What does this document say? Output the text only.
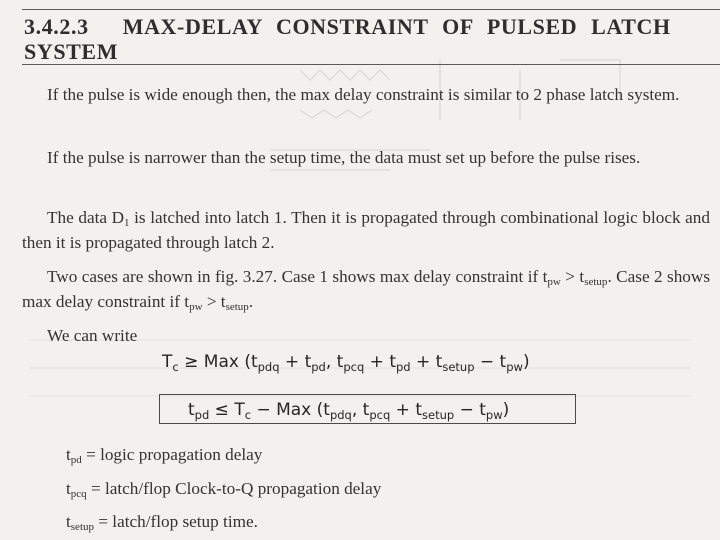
3.4.2.3 MAX-DELAY CONSTRAINT OF PULSED LATCH
SYSTEM
If the pulse is wide enough then, the max delay constraint is similar to 2 phase latch system.
If the pulse is narrower than the setup time, the data must set up before the pulse rises.
The data $D_1$ is latched into latch 1. Then it is propagated through combinational logic block and then it is propagated through latch 2.
Two cases are shown in fig. 3.27. Case 1 shows max delay constraint if $t_{pw} > t_{setup}$. Case 2 shows max delay constraint if $t_{pw} > t_{setup}$.
We can write
$T_c$ ≥ Max ($t_{pdq} + t_{pd}$, $t_{pcq} + t_{pd} + t_{setup} - t_{pw}$)
$t_{pd} \le T_c$ − Max ($t_{pdq}$, $t_{pcq} + t_{setup} - t_{pw}$)
$t_{pd}$ = logic propagation delay
$t_{pcq}$ = latch/flop Clock-to-Q propagation delay
$t_{setup}$ = latch/flop setup time.
